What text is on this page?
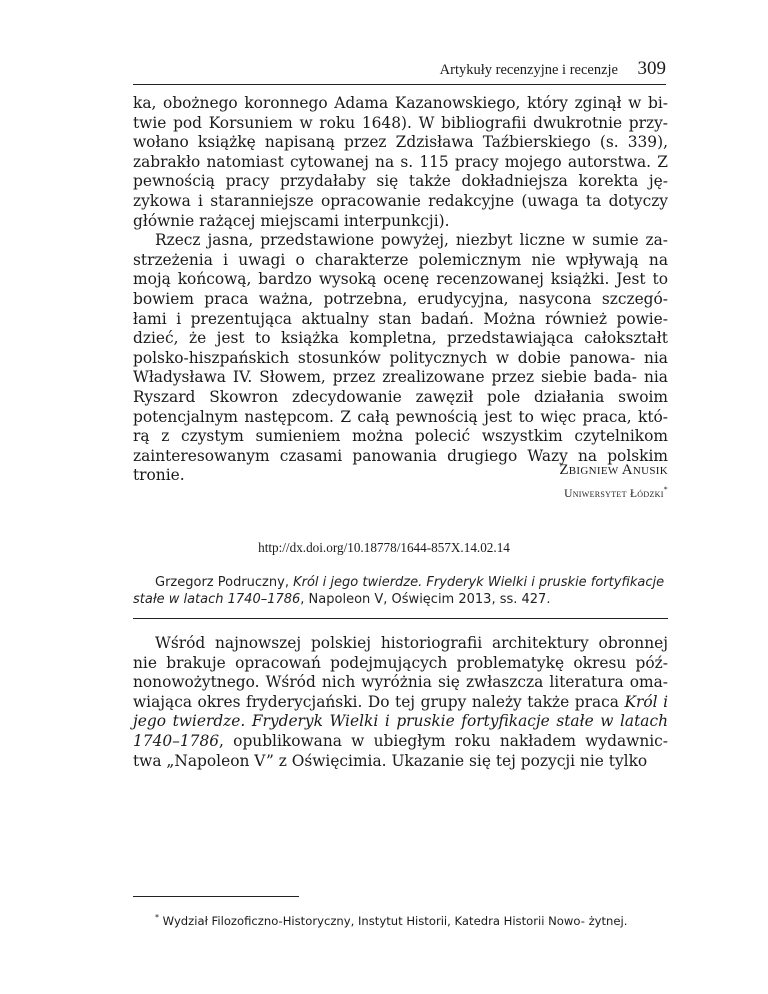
Artykuły recenzyjne i recenzje 309

ka, obożnego koronnego Adama Kazanowskiego, który zginął w bi- twie pod Korsuniem w roku 1648). W bibliografii dwukrotnie przy- wołano książkę napisaną przez Zdzisława Taźbierskiego (s. 339), zabrakło natomiast cytowanej na s. 115 pracy mojego autorstwa. Z pewnością pracy przydałaby się także dokładniejsza korekta ję- zykowa i staranniejsze opracowanie redakcyjne (uwaga ta dotyczy głównie rażącej miejscami interpunkcji).

Rzecz jasna, przedstawione powyżej, niezbyt liczne w sumie za- strzeżenia i uwagi o charakterze polemicznym nie wpływają na moją końcową, bardzo wysoką ocenę recenzowanej książki. Jest to bowiem praca ważna, potrzebna, erudycyjna, nasycona szczegó- łami i prezentująca aktualny stan badań. Można również powie- dzieć, że jest to książka kompletna, przedstawiająca całokształt polsko-hiszpańskich stosunków politycznych w dobie panowa- nia Władysława IV. Słowem, przez zrealizowane przez siebie bada- nia Ryszard Skowron zdecydowanie zawęził pole działania swoim potencjalnym następcom. Z całą pewnością jest to więc praca, któ- rą z czystym sumieniem można polecić wszystkim czytelnikom zainteresowanym czasami panowania drugiego Wazy na polskim tronie.	Zbigniew Anusik
Uniwersytet Łódzki*
http://dx.doi.org/10.18778/1644-857X.14.02.14
Grzegorz Podruczny, Król i jego twierdze. Fryderyk Wielki i pruskie fortyfikacje stałe w latach 1740–1786, Napoleon V, Oświęcim 2013, ss. 427.

Wśród najnowszej polskiej historiografii architektury obronnej nie brakuje opracowań podejmujących problematykę okresu póź- nonowożytnego. Wśród nich wyróżnia się zwłaszcza literatura oma- wiająca okres fryderycjański. Do tej grupy należy także praca Król i jego twierdze. Fryderyk Wielki i pruskie fortyfikacje stałe w latach 1740–1786, opublikowana w ubiegłym roku nakładem wydawnic- twa „Napoleon V” z Oświęcimia. Ukazanie się tej pozycji nie tylko

* Wydział Filozoficzno-Historyczny, Instytut Historii, Katedra Historii Nowo- żytnej.
